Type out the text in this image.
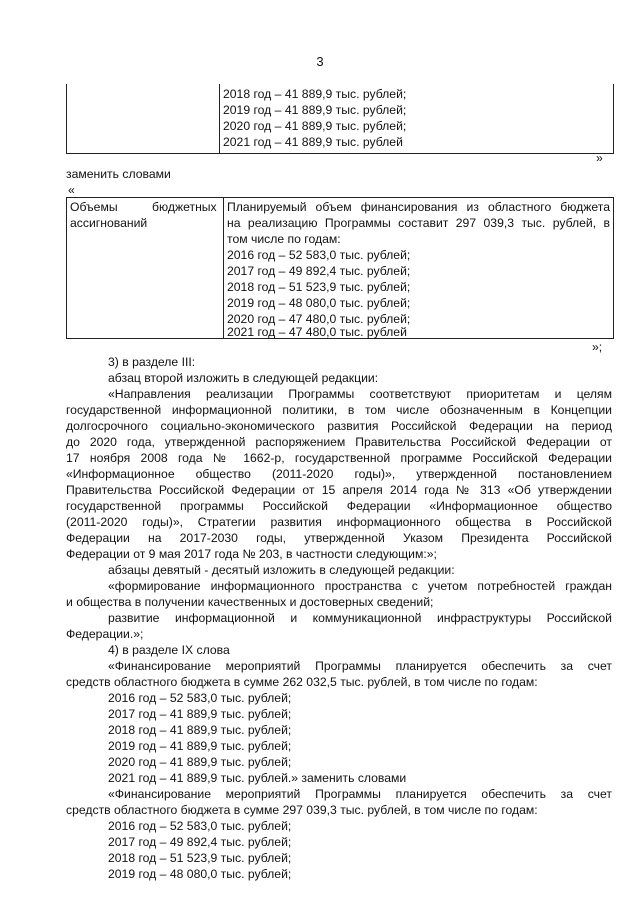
3
2018 год – 41 889,9 тыс. рублей;
2019 год – 41 889,9 тыс. рублей;
2020 год – 41 889,9 тыс. рублей;
2021 год – 41 889,9 тыс. рублей
»
заменить словами
«
Объемы	бюджетных
ассигнований
Планируемый объем финансирования из областного бюджета
на реализацию Программы составит 297 039,3 тыс. рублей, в
том числе по годам:
2016 год – 52 583,0 тыс. рублей;
2017 год – 49 892,4 тыс. рублей;
2018 год – 51 523,9 тыс. рублей;
2019 год – 48 080,0 тыс. рублей;
2020 год – 47 480,0 тыс. рублей;
2021 год – 47 480,0 тыс. рублей
»;
3) в разделе III:
абзац второй изложить в следующей редакции:
«Направления реализации Программы соответствуют приоритетам и целям
государственной информационной политики, в том числе обозначенным в Концепции
долгосрочного социально-экономического развития Российской Федерации на период
до 2020 года, утвержденной распоряжением Правительства Российской Федерации от
17 ноября 2008 года № 1662-р, государственной программе Российской Федерации
«Информационное общество (2011-2020 годы)», утвержденной постановлением
Правительства Российской Федерации от 15 апреля 2014 года № 313 «Об утверждении
государственной программы Российской Федерации «Информационное общество
(2011-2020 годы)», Стратегии развития информационного общества в Российской
Федерации на 2017-2030 годы, утвержденной Указом Президента Российской
Федерации от 9 мая 2017 года № 203, в частности следующим:»;
абзацы девятый - десятый изложить в следующей редакции:
«формирование информационного пространства с учетом потребностей граждан
и общества в получении качественных и достоверных сведений;
развитие информационной и коммуникационной инфраструктуры Российской
Федерации.»;
4) в разделе IX слова
«Финансирование мероприятий Программы планируется обеспечить за счет
средств областного бюджета в сумме 262 032,5 тыс. рублей, в том числе по годам:
2016 год – 52 583,0 тыс. рублей;
2017 год – 41 889,9 тыс. рублей;
2018 год – 41 889,9 тыс. рублей;
2019 год – 41 889,9 тыс. рублей;
2020 год – 41 889,9 тыс. рублей;
2021 год – 41 889,9 тыс. рублей.» заменить словами
«Финансирование мероприятий Программы планируется обеспечить за счет
средств областного бюджета в сумме 297 039,3 тыс. рублей, в том числе по годам:
2016 год – 52 583,0 тыс. рублей;
2017 год – 49 892,4 тыс. рублей;
2018 год – 51 523,9 тыс. рублей;
2019 год – 48 080,0 тыс. рублей;
